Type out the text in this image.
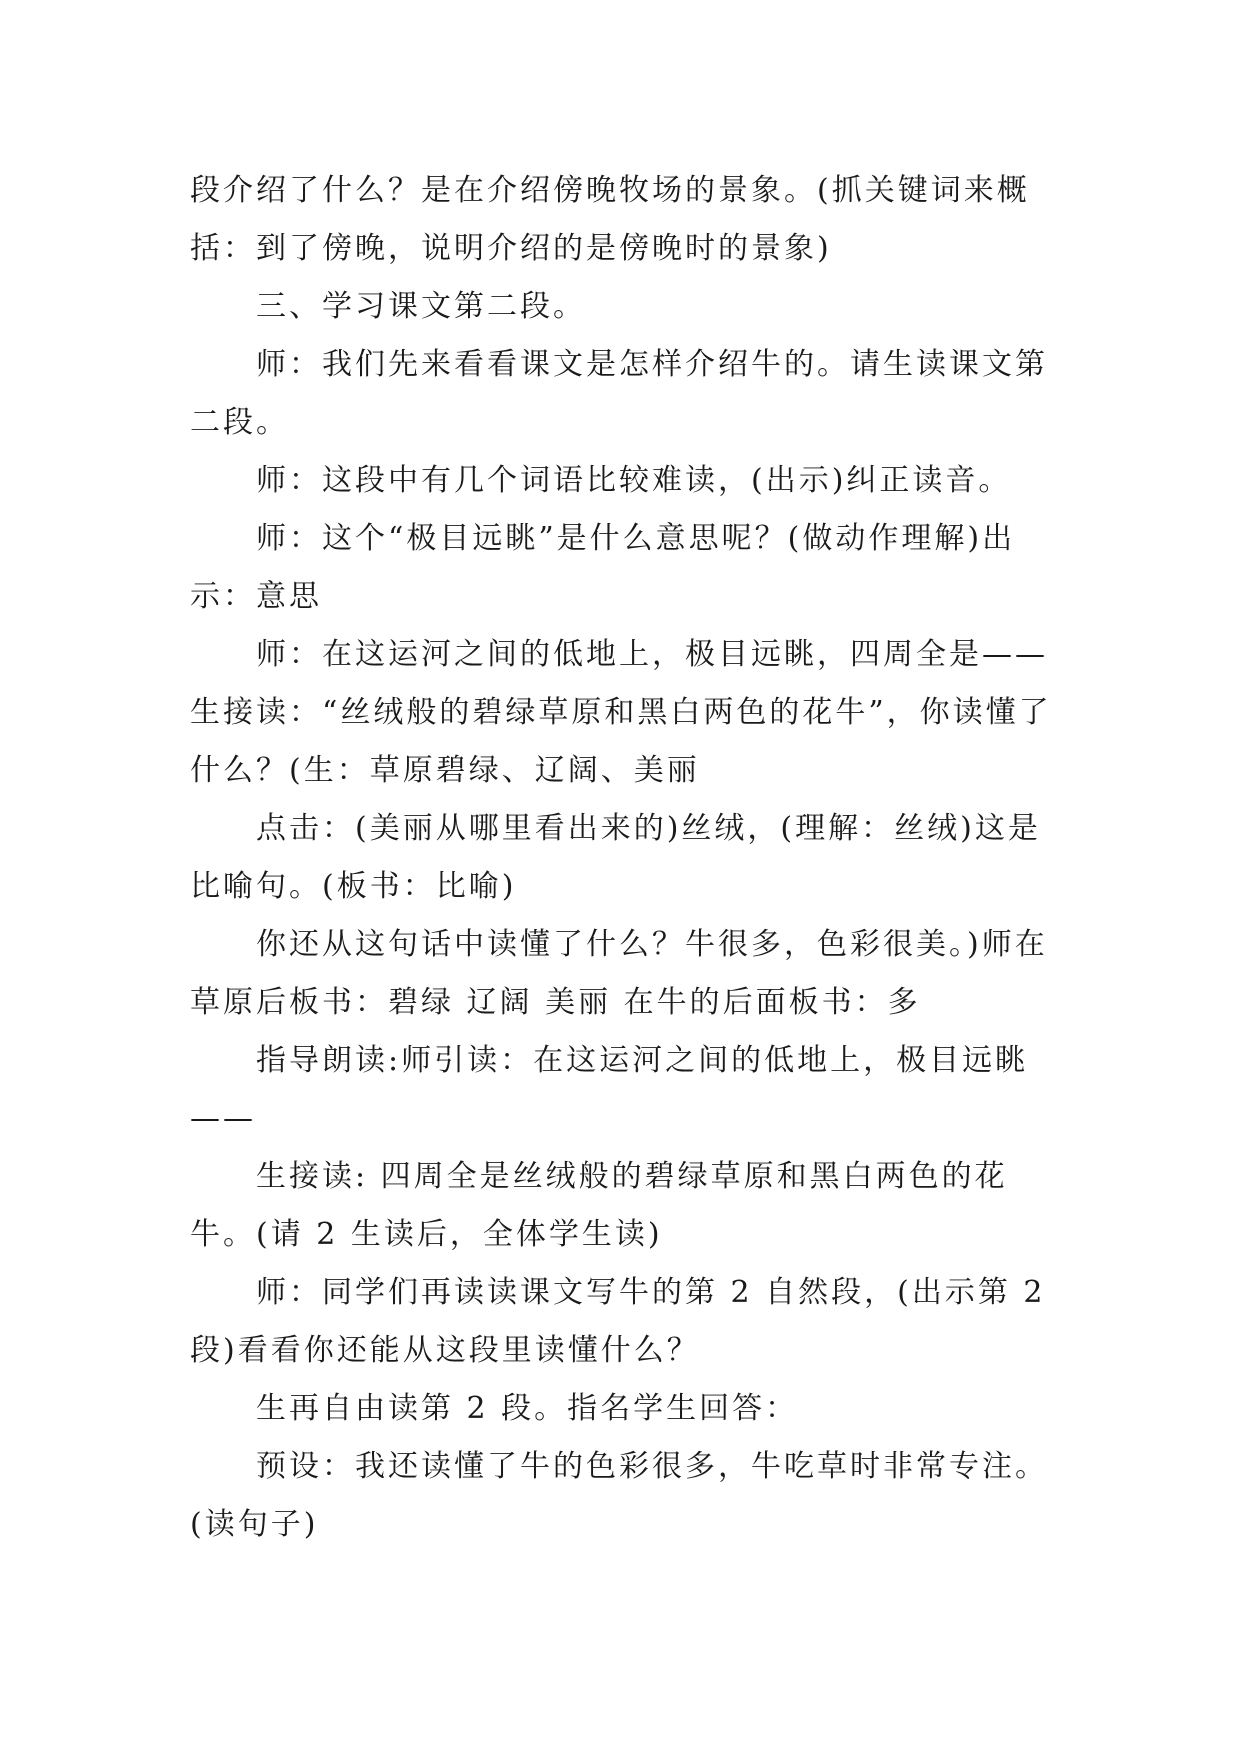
段介绍了什么？是在介绍傍晚牧场的景象。(抓关键词来概括：到了傍晚，说明介绍的是傍晚时的景象)

三、学习课文第二段。

师：我们先来看看课文是怎样介绍牛的。请生读课文第二段。

师：这段中有几个词语比较难读，(出示)纠正读音。

师：这个“极目远眺”是什么意思呢？(做动作理解)出示：意思

师：在这运河之间的低地上，极目远眺，四周全是——生接读：“丝绒般的碧绿草原和黑白两色的花牛”，你读懂了什么？(生：草原碧绿、辽阔、美丽

点击：(美丽从哪里看出来的)丝绒，(理解：丝绒)这是比喻句。(板书：比喻)

你还从这句话中读懂了什么？牛很多，色彩很美。)师在草原后板书：碧绿 辽阔 美丽 在牛的后面板书：多

指导朗读:师引读：在这运河之间的低地上，极目远眺——

生接读: 四周全是丝绒般的碧绿草原和黑白两色的花牛。(请 2 生读后，全体学生读)

师：同学们再读读课文写牛的第 2 自然段，(出示第 2 段)看看你还能从这段里读懂什么？

生再自由读第 2 段。指名学生回答：

预设：我还读懂了牛的色彩很多，牛吃草时非常专注。(读句子)
